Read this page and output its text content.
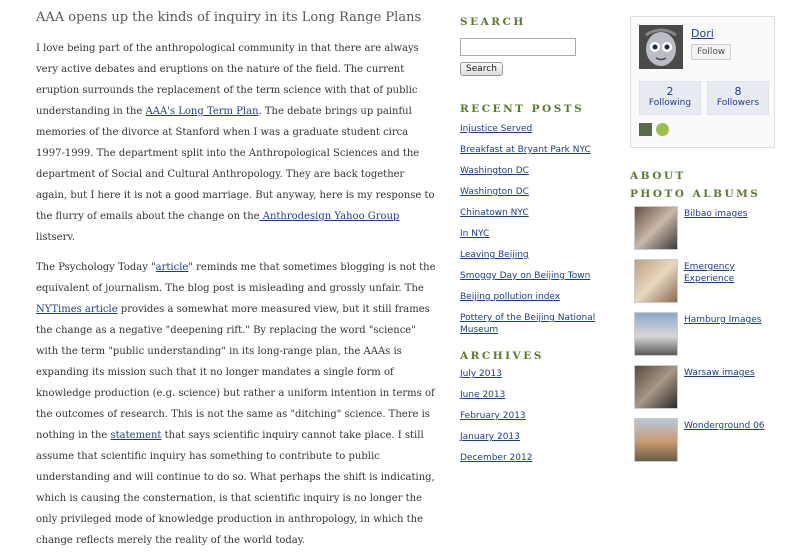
AAA opens up the kinds of inquiry in its Long Range Plans

I love being part of the anthropological community in that there are always very active debates and eruptions on the nature of the field. The current eruption surrounds the replacement of the term science with that of public understanding in the AAA's Long Term Plan. The debate brings up painful memories of the divorce at Stanford when I was a graduate student circa 1997-1999. The department split into the Anthropological Sciences and the department of Social and Cultural Anthropology. They are back together again, but I here it is not a good marriage. But anyway, here is my response to the flurry of emails about the change on the Anthrodesign Yahoo Group listserv.

The Psychology Today "article" reminds me that sometimes blogging is not the equivalent of journalism. The blog post is misleading and grossly unfair. The NYTimes article provides a somewhat more measured view, but it still frames the change as a negative "deepening rift." By replacing the word "science" with the term "public understanding" in its long-range plan, the AAAs is expanding its mission such that it no longer mandates a single form of knowledge production (e.g. science) but rather a uniform intention in terms of the outcomes of research. This is not the same as "ditching" science. There is nothing in the statement that says scientific inquiry cannot take place. I still assume that scientific inquiry has something to contribute to public understanding and will continue to do so. What perhaps the shift is indicating, which is causing the consternation, is that scientific inquiry is no longer the only privileged mode of knowledge production in anthropology, in which the change reflects merely the reality of the world today.

SEARCH
Search
RECENT POSTS
Injustice Served
Breakfast at Bryant Park NYC
Washington DC
Washington DC
Chinatown NYC
In NYC
Leaving Beijing
Smoggy Day on Beijing Town
Beijing pollution index
Pottery of the Beijing National Museum
ARCHIVES
July 2013
June 2013
February 2013
January 2013
December 2012
Dori
Follow
2
Following
8
Followers
ABOUT
PHOTO ALBUMS
Bilbao images
Emergency Experience
Hamburg Images
Warsaw images
Wonderground 06
